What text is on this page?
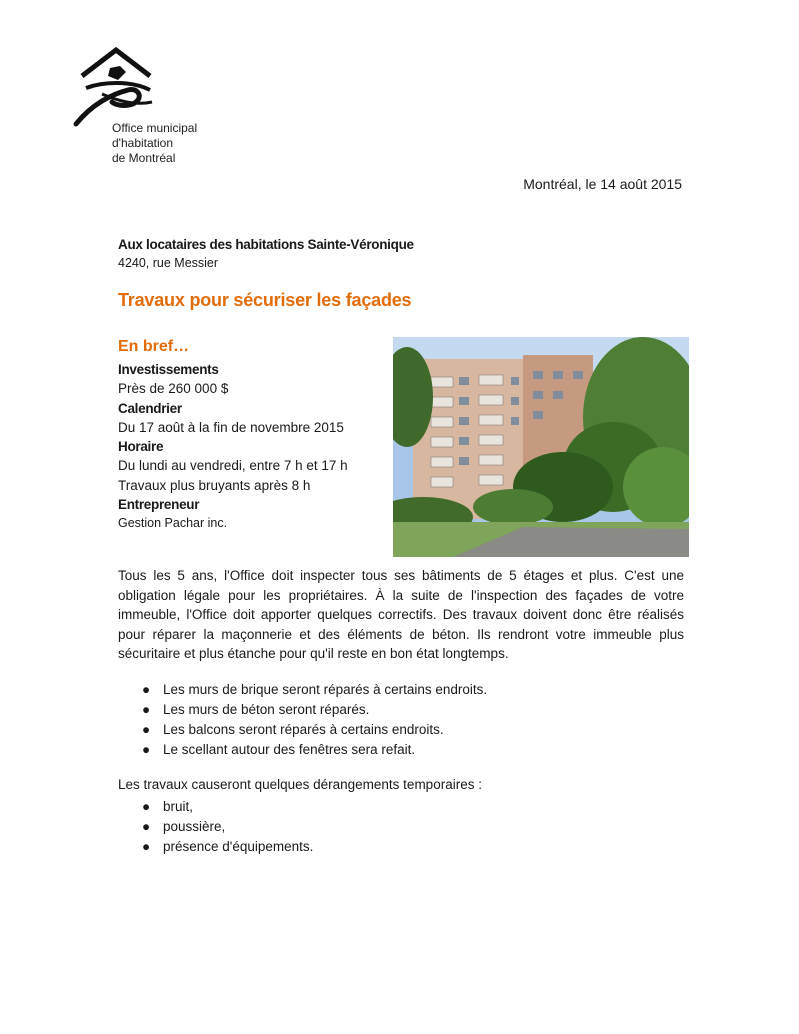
Office municipal
d'habitation
de Montréal
Montréal, le 14 août 2015
Aux locataires des habitations Sainte-Véronique
4240, rue Messier
Travaux pour sécuriser les façades
En bref…
Investissements
Près de 260 000 $
Calendrier
Du 17 août à la fin de novembre 2015
Horaire
Du lundi au vendredi, entre 7 h et 17 h
Travaux plus bruyants après 8 h
Entrepreneur
Gestion Pachar inc.
Tous les 5 ans, l'Office doit inspecter tous ses bâtiments de 5 étages et plus. C'est une obligation légale pour les propriétaires. À la suite de l'inspection des façades de votre immeuble, l'Office doit apporter quelques correctifs. Des travaux doivent donc être réalisés pour réparer la maçonnerie et des éléments de béton. Ils rendront votre immeuble plus sécuritaire et plus étanche pour qu'il reste en bon état longtemps.
● Les murs de brique seront réparés à certains endroits.
● Les murs de béton seront réparés.
● Les balcons seront réparés à certains endroits.
● Le scellant autour des fenêtres sera refait.
Les travaux causeront quelques dérangements temporaires :
● bruit,
● poussière,
● présence d'équipements.
